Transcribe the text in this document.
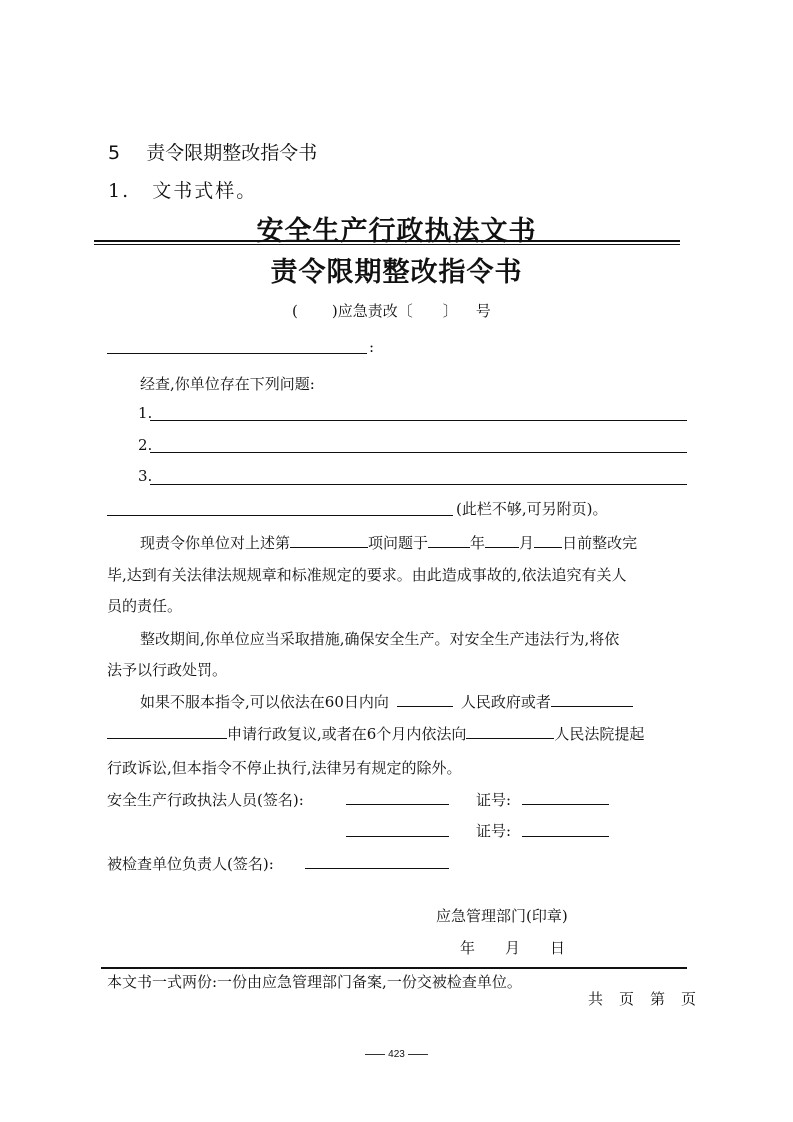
5 责令限期整改指令书
1. 文书式样。
安全生产行政执法文书
责令限期整改指令书
( )应急责改〔 〕 号
:
经查,你单位存在下列问题:
1.
2.
3.
(此栏不够,可另附页)。
现责令你单位对上述第	项问题于	年 月 日前整改完
毕,达到有关法律法规规章和标准规定的要求。由此造成事故的,依法追究有关人
员的责任。
整改期间,你单位应当采取措施,确保安全生产。对安全生产违法行为,将依
法予以行政处罚。
如果不服本指令,可以依法在60日内向	人民政府或者
申请行政复议,或者在6个月内依法向	人民法院提起
行政诉讼,但本指令不停止执行,法律另有规定的除外。
安全生产行政执法人员(签名):	证号:
证号:
被检查单位负责人(签名):
应急管理部门(印章)
年 月 日
本文书一式两份:一份由应急管理部门备案,一份交被检查单位。
共 页 第 页
423
